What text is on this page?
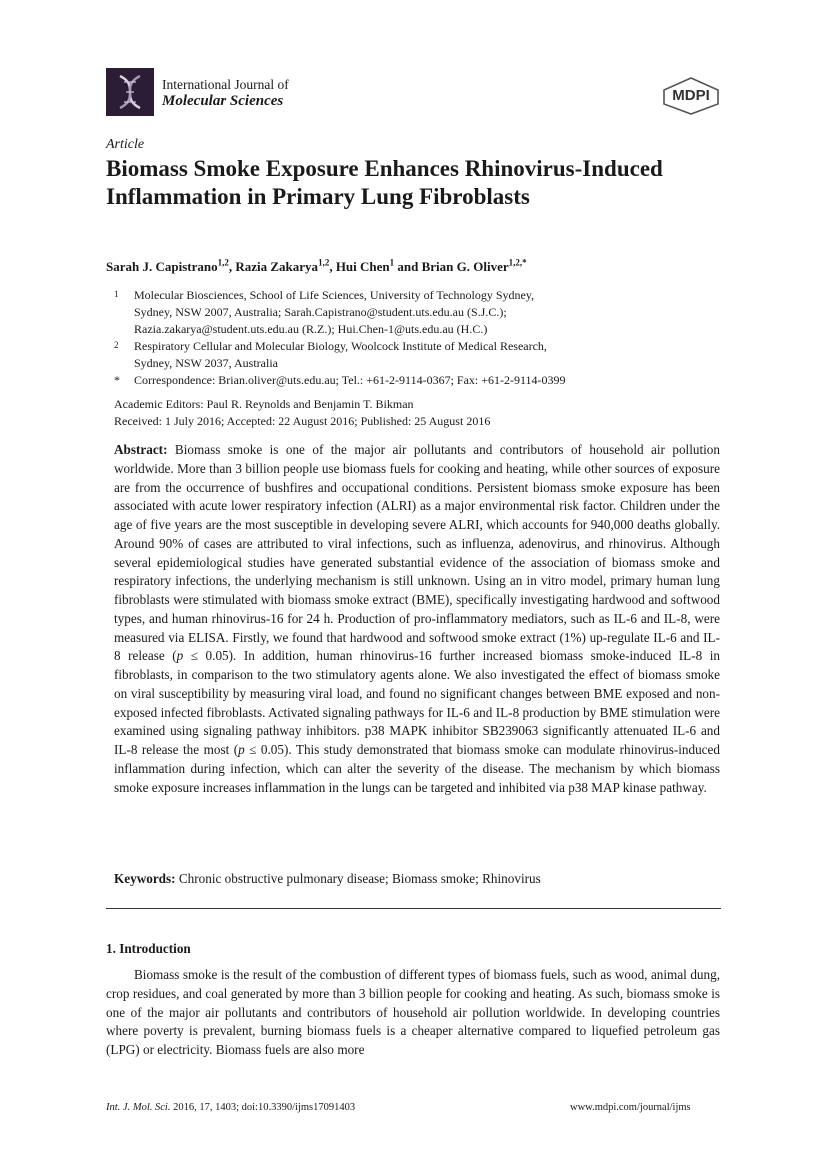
International Journal of
Molecular Sciences	MDPI
Article
Biomass Smoke Exposure Enhances Rhinovirus-Induced Inflammation in Primary Lung Fibroblasts
Sarah J. Capistrano$^{1,2}$, Razia Zakarya$^{1,2}$, Hui Chen$^1$ and Brian G. Oliver$^{1,2,*}$
1 Molecular Biosciences, School of Life Sciences, University of Technology Sydney,
Sydney, NSW 2007, Australia; Sarah.Capistrano@student.uts.edu.au (S.J.C.);
Razia.zakarya@student.uts.edu.au (R.Z.); Hui.Chen-1@uts.edu.au (H.C.)
2 Respiratory Cellular and Molecular Biology, Woolcock Institute of Medical Research,
Sydney, NSW 2037, Australia
* Correspondence: Brian.oliver@uts.edu.au; Tel.: +61-2-9114-0367; Fax: +61-2-9114-0399
Academic Editors: Paul R. Reynolds and Benjamin T. Bikman
Received: 1 July 2016; Accepted: 22 August 2016; Published: 25 August 2016
Abstract: Biomass smoke is one of the major air pollutants and contributors of household air pollution worldwide. More than 3 billion people use biomass fuels for cooking and heating, while other sources of exposure are from the occurrence of bushfires and occupational conditions. Persistent biomass smoke exposure has been associated with acute lower respiratory infection (ALRI) as a major environmental risk factor. Children under the age of five years are the most susceptible in developing severe ALRI, which accounts for 940,000 deaths globally. Around 90% of cases are attributed to viral infections, such as influenza, adenovirus, and rhinovirus. Although several epidemiological studies have generated substantial evidence of the association of biomass smoke and respiratory infections, the underlying mechanism is still unknown. Using an in vitro model, primary human lung fibroblasts were stimulated with biomass smoke extract (BME), specifically investigating hardwood and softwood types, and human rhinovirus-16 for 24 h. Production of pro-inflammatory mediators, such as IL-6 and IL-8, were measured via ELISA. Firstly, we found that hardwood and softwood smoke extract (1%) up-regulate IL-6 and IL-8 release (p ≤ 0.05). In addition, human rhinovirus-16 further increased biomass smoke-induced IL-8 in fibroblasts, in comparison to the two stimulatory agents alone. We also investigated the effect of biomass smoke on viral susceptibility by measuring viral load, and found no significant changes between BME exposed and non-exposed infected fibroblasts. Activated signaling pathways for IL-6 and IL-8 production by BME stimulation were examined using signaling pathway inhibitors. p38 MAPK inhibitor SB239063 significantly attenuated IL-6 and IL-8 release the most (p ≤ 0.05). This study demonstrated that biomass smoke can modulate rhinovirus-induced inflammation during infection, which can alter the severity of the disease. The mechanism by which biomass smoke exposure increases inflammation in the lungs can be targeted and inhibited via p38 MAP kinase pathway.
Keywords: Chronic obstructive pulmonary disease; Biomass smoke; Rhinovirus
1. Introduction
Biomass smoke is the result of the combustion of different types of biomass fuels, such as wood, animal dung, crop residues, and coal generated by more than 3 billion people for cooking and heating. As such, biomass smoke is one of the major air pollutants and contributors of household air pollution worldwide. In developing countries where poverty is prevalent, burning biomass fuels is a cheaper alternative compared to liquefied petroleum gas (LPG) or electricity. Biomass fuels are also more
Int. J. Mol. Sci. 2016, 17, 1403; doi:10.3390/ijms17091403	www.mdpi.com/journal/ijms
